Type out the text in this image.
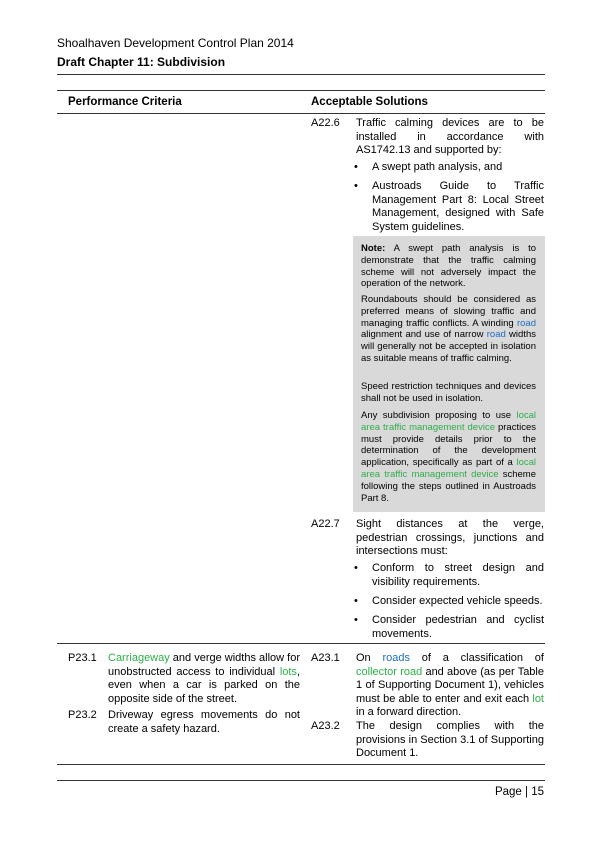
Shoalhaven Development Control Plan 2014
Draft Chapter 11: Subdivision
Performance Criteria	Acceptable Solutions
A22.6 Traffic calming devices are to be installed in accordance with AS1742.13 and supported by:
• A swept path analysis, and
• Austroads Guide to Traffic Management Part 8: Local Street Management, designed with Safe System guidelines.
Note: A swept path analysis is to demonstrate that the traffic calming scheme will not adversely impact the operation of the network.
Roundabouts should be considered as preferred means of slowing traffic and managing traffic conflicts. A winding road alignment and use of narrow road widths will generally not be accepted in isolation as suitable means of traffic calming.
Speed restriction techniques and devices shall not be used in isolation.
Any subdivision proposing to use local area traffic management device practices must provide details prior to the determination of the development application, specifically as part of a local area traffic management device scheme following the steps outlined in Austroads Part 8.
A22.7 Sight distances at the verge, pedestrian crossings, junctions and intersections must:
• Conform to street design and visibility requirements.
• Consider expected vehicle speeds.
• Consider pedestrian and cyclist movements.
P23.1 Carriageway and verge widths allow for unobstructed access to individual lots, even when a car is parked on the opposite side of the street.
P23.2 Driveway egress movements do not create a safety hazard.
A23.1 On roads of a classification of collector road and above (as per Table 1 of Supporting Document 1), vehicles must be able to enter and exit each lot in a forward direction.
A23.2 The design complies with the provisions in Section 3.1 of Supporting Document 1.
Page | 15
